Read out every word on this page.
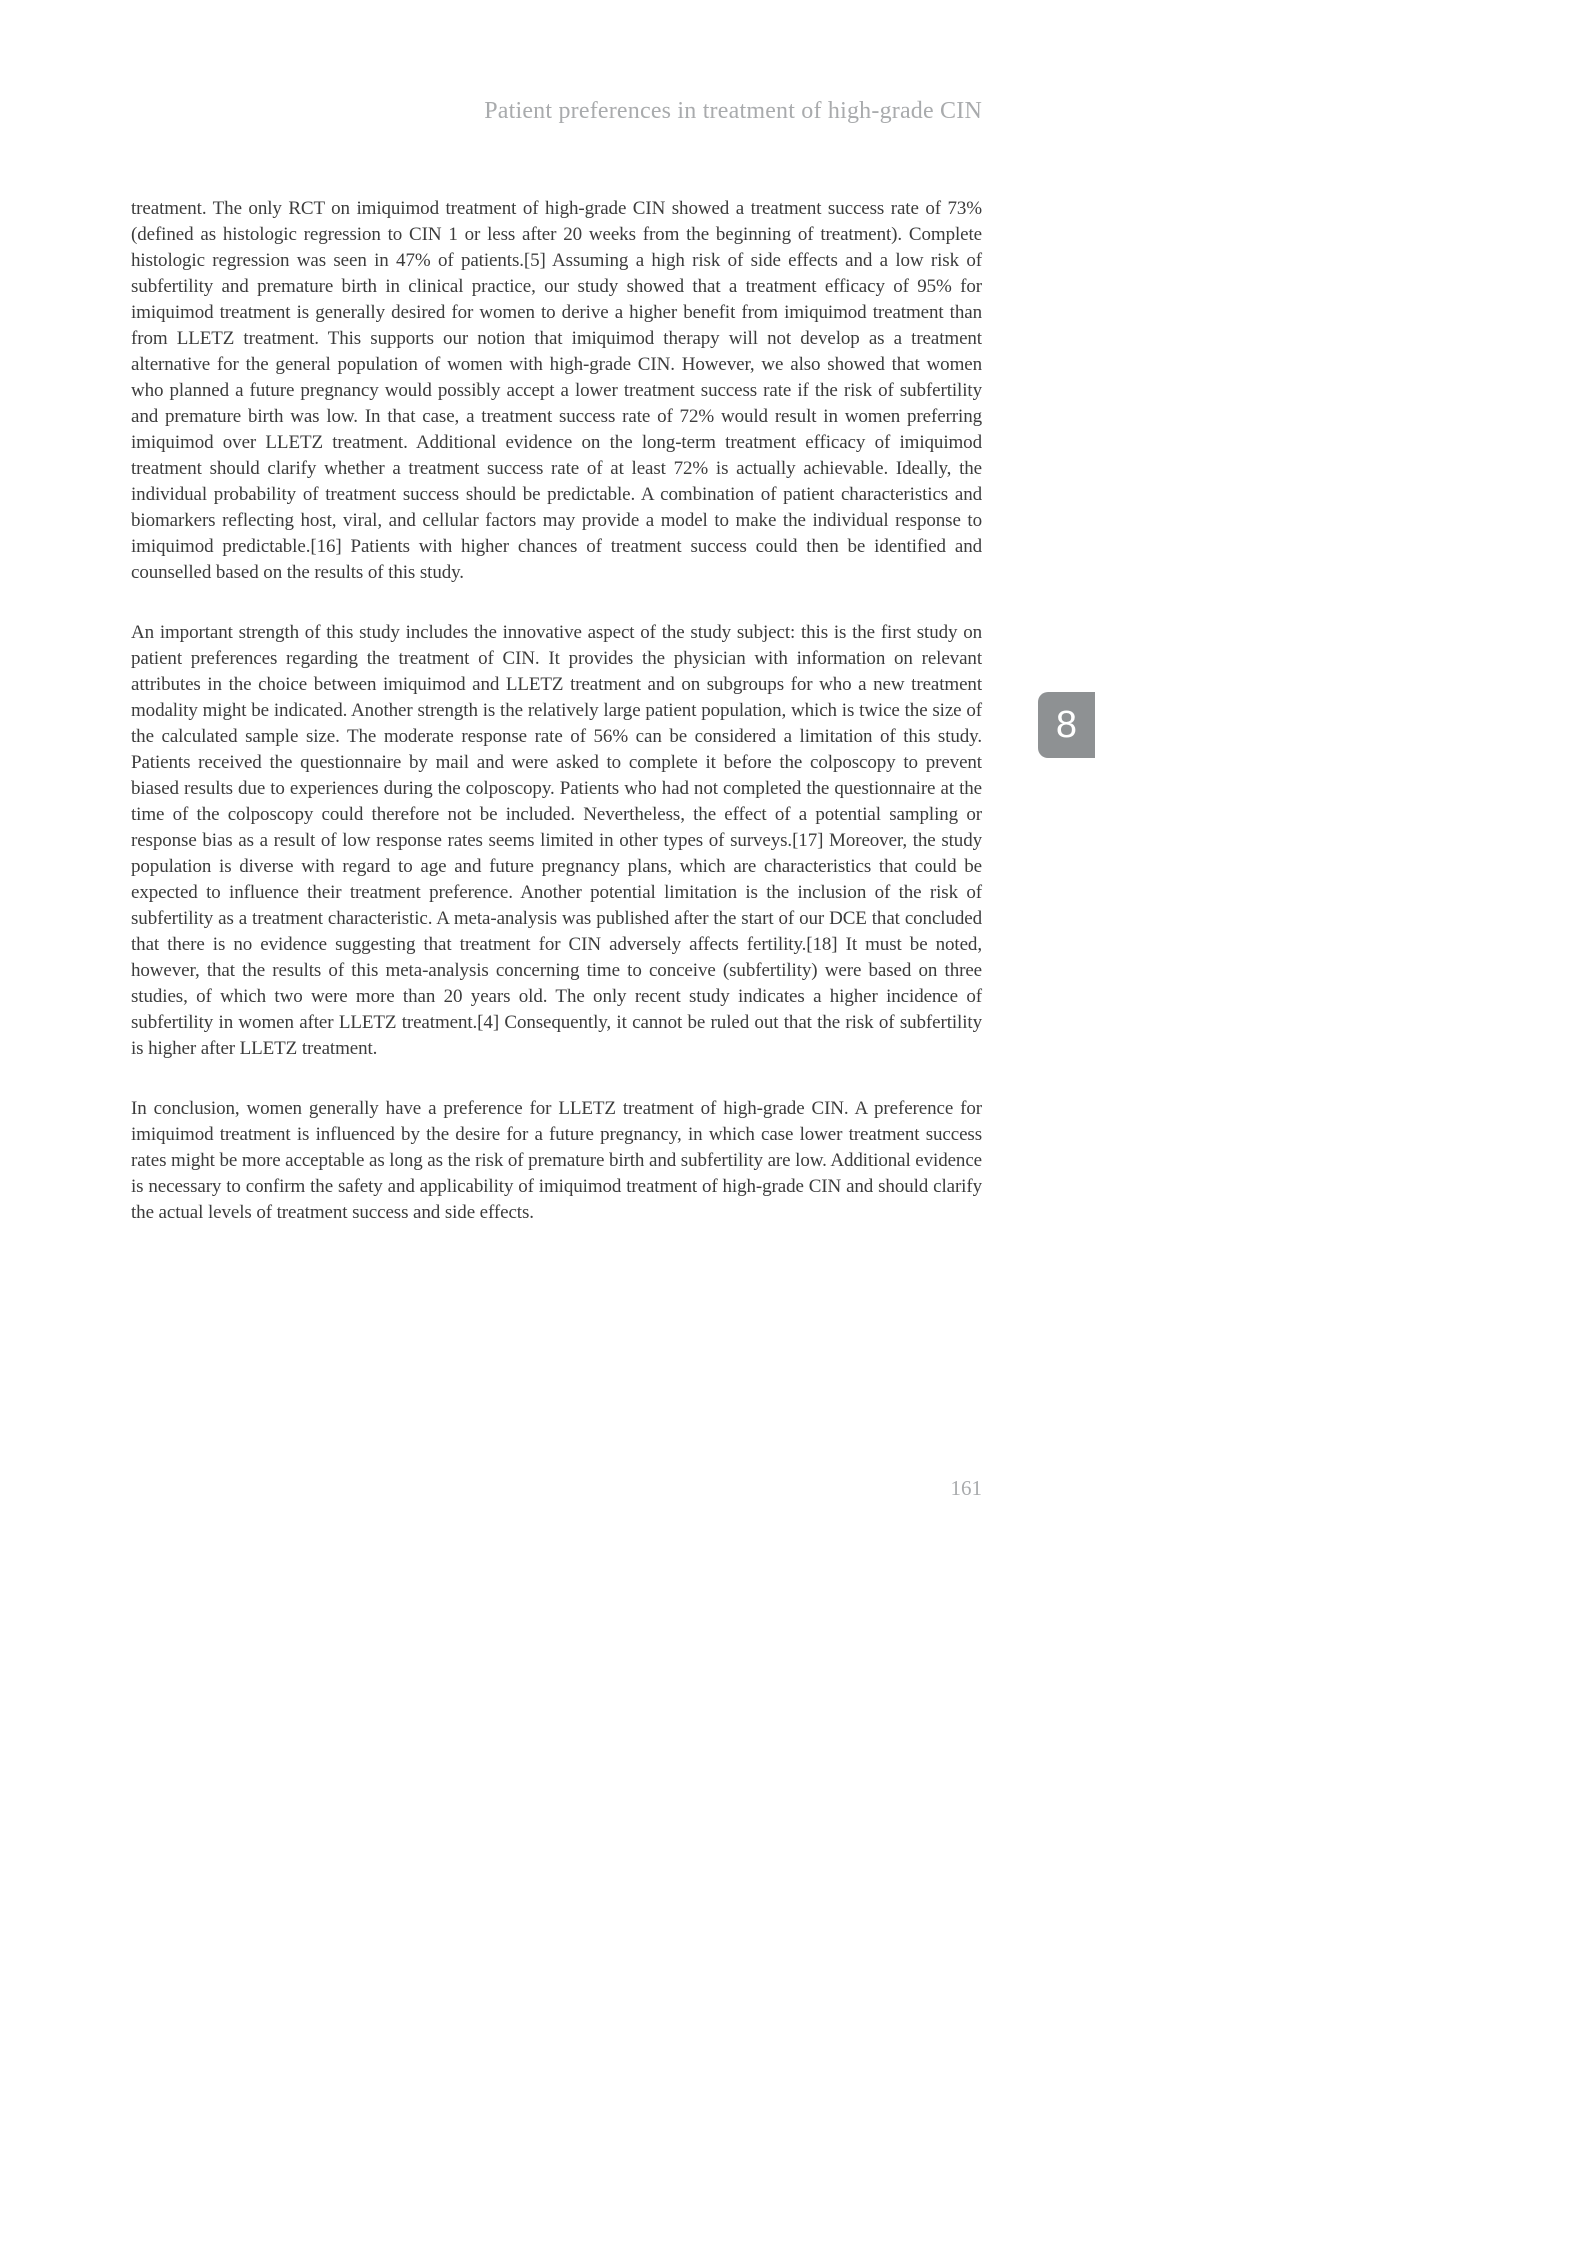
Patient preferences in treatment of high-grade CIN

treatment. The only RCT on imiquimod treatment of high-grade CIN showed a treatment success rate of 73% (defined as histologic regression to CIN 1 or less after 20 weeks from the beginning of treatment). Complete histologic regression was seen in 47% of patients.[5] Assuming a high risk of side effects and a low risk of subfertility and premature birth in clinical practice, our study showed that a treatment efficacy of 95% for imiquimod treatment is generally desired for women to derive a higher benefit from imiquimod treatment than from LLETZ treatment. This supports our notion that imiquimod therapy will not develop as a treatment alternative for the general population of women with high-grade CIN. However, we also showed that women who planned a future pregnancy would possibly accept a lower treatment success rate if the risk of subfertility and premature birth was low. In that case, a treatment success rate of 72% would result in women preferring imiquimod over LLETZ treatment. Additional evidence on the long-term treatment efficacy of imiquimod treatment should clarify whether a treatment success rate of at least 72% is actually achievable. Ideally, the individual probability of treatment success should be predictable. A combination of patient characteristics and biomarkers reflecting host, viral, and cellular factors may provide a model to make the individual response to imiquimod predictable.[16] Patients with higher chances of treatment success could then be identified and counselled based on the results of this study.

An important strength of this study includes the innovative aspect of the study subject: this is the first study on patient preferences regarding the treatment of CIN. It provides the physician with information on relevant attributes in the choice between imiquimod and LLETZ treatment and on subgroups for who a new treatment modality might be indicated. Another strength is the relatively large patient population, which is twice the size of the calculated sample size. The moderate response rate of 56% can be considered a limitation of this study. Patients received the questionnaire by mail and were asked to complete it before the colposcopy to prevent biased results due to experiences during the colposcopy. Patients who had not completed the questionnaire at the time of the colposcopy could therefore not be included. Nevertheless, the effect of a potential sampling or response bias as a result of low response rates seems limited in other types of surveys.[17] Moreover, the study population is diverse with regard to age and future pregnancy plans, which are characteristics that could be expected to influence their treatment preference. Another potential limitation is the inclusion of the risk of subfertility as a treatment characteristic. A meta-analysis was published after the start of our DCE that concluded that there is no evidence suggesting that treatment for CIN adversely affects fertility.[18] It must be noted, however, that the results of this meta-analysis concerning time to conceive (subfertility) were based on three studies, of which two were more than 20 years old. The only recent study indicates a higher incidence of subfertility in women after LLETZ treatment.[4] Consequently, it cannot be ruled out that the risk of subfertility is higher after LLETZ treatment.

In conclusion, women generally have a preference for LLETZ treatment of high-grade CIN. A preference for imiquimod treatment is influenced by the desire for a future pregnancy, in which case lower treatment success rates might be more acceptable as long as the risk of premature birth and subfertility are low. Additional evidence is necessary to confirm the safety and applicability of imiquimod treatment of high-grade CIN and should clarify the actual levels of treatment success and side effects.

8
161
